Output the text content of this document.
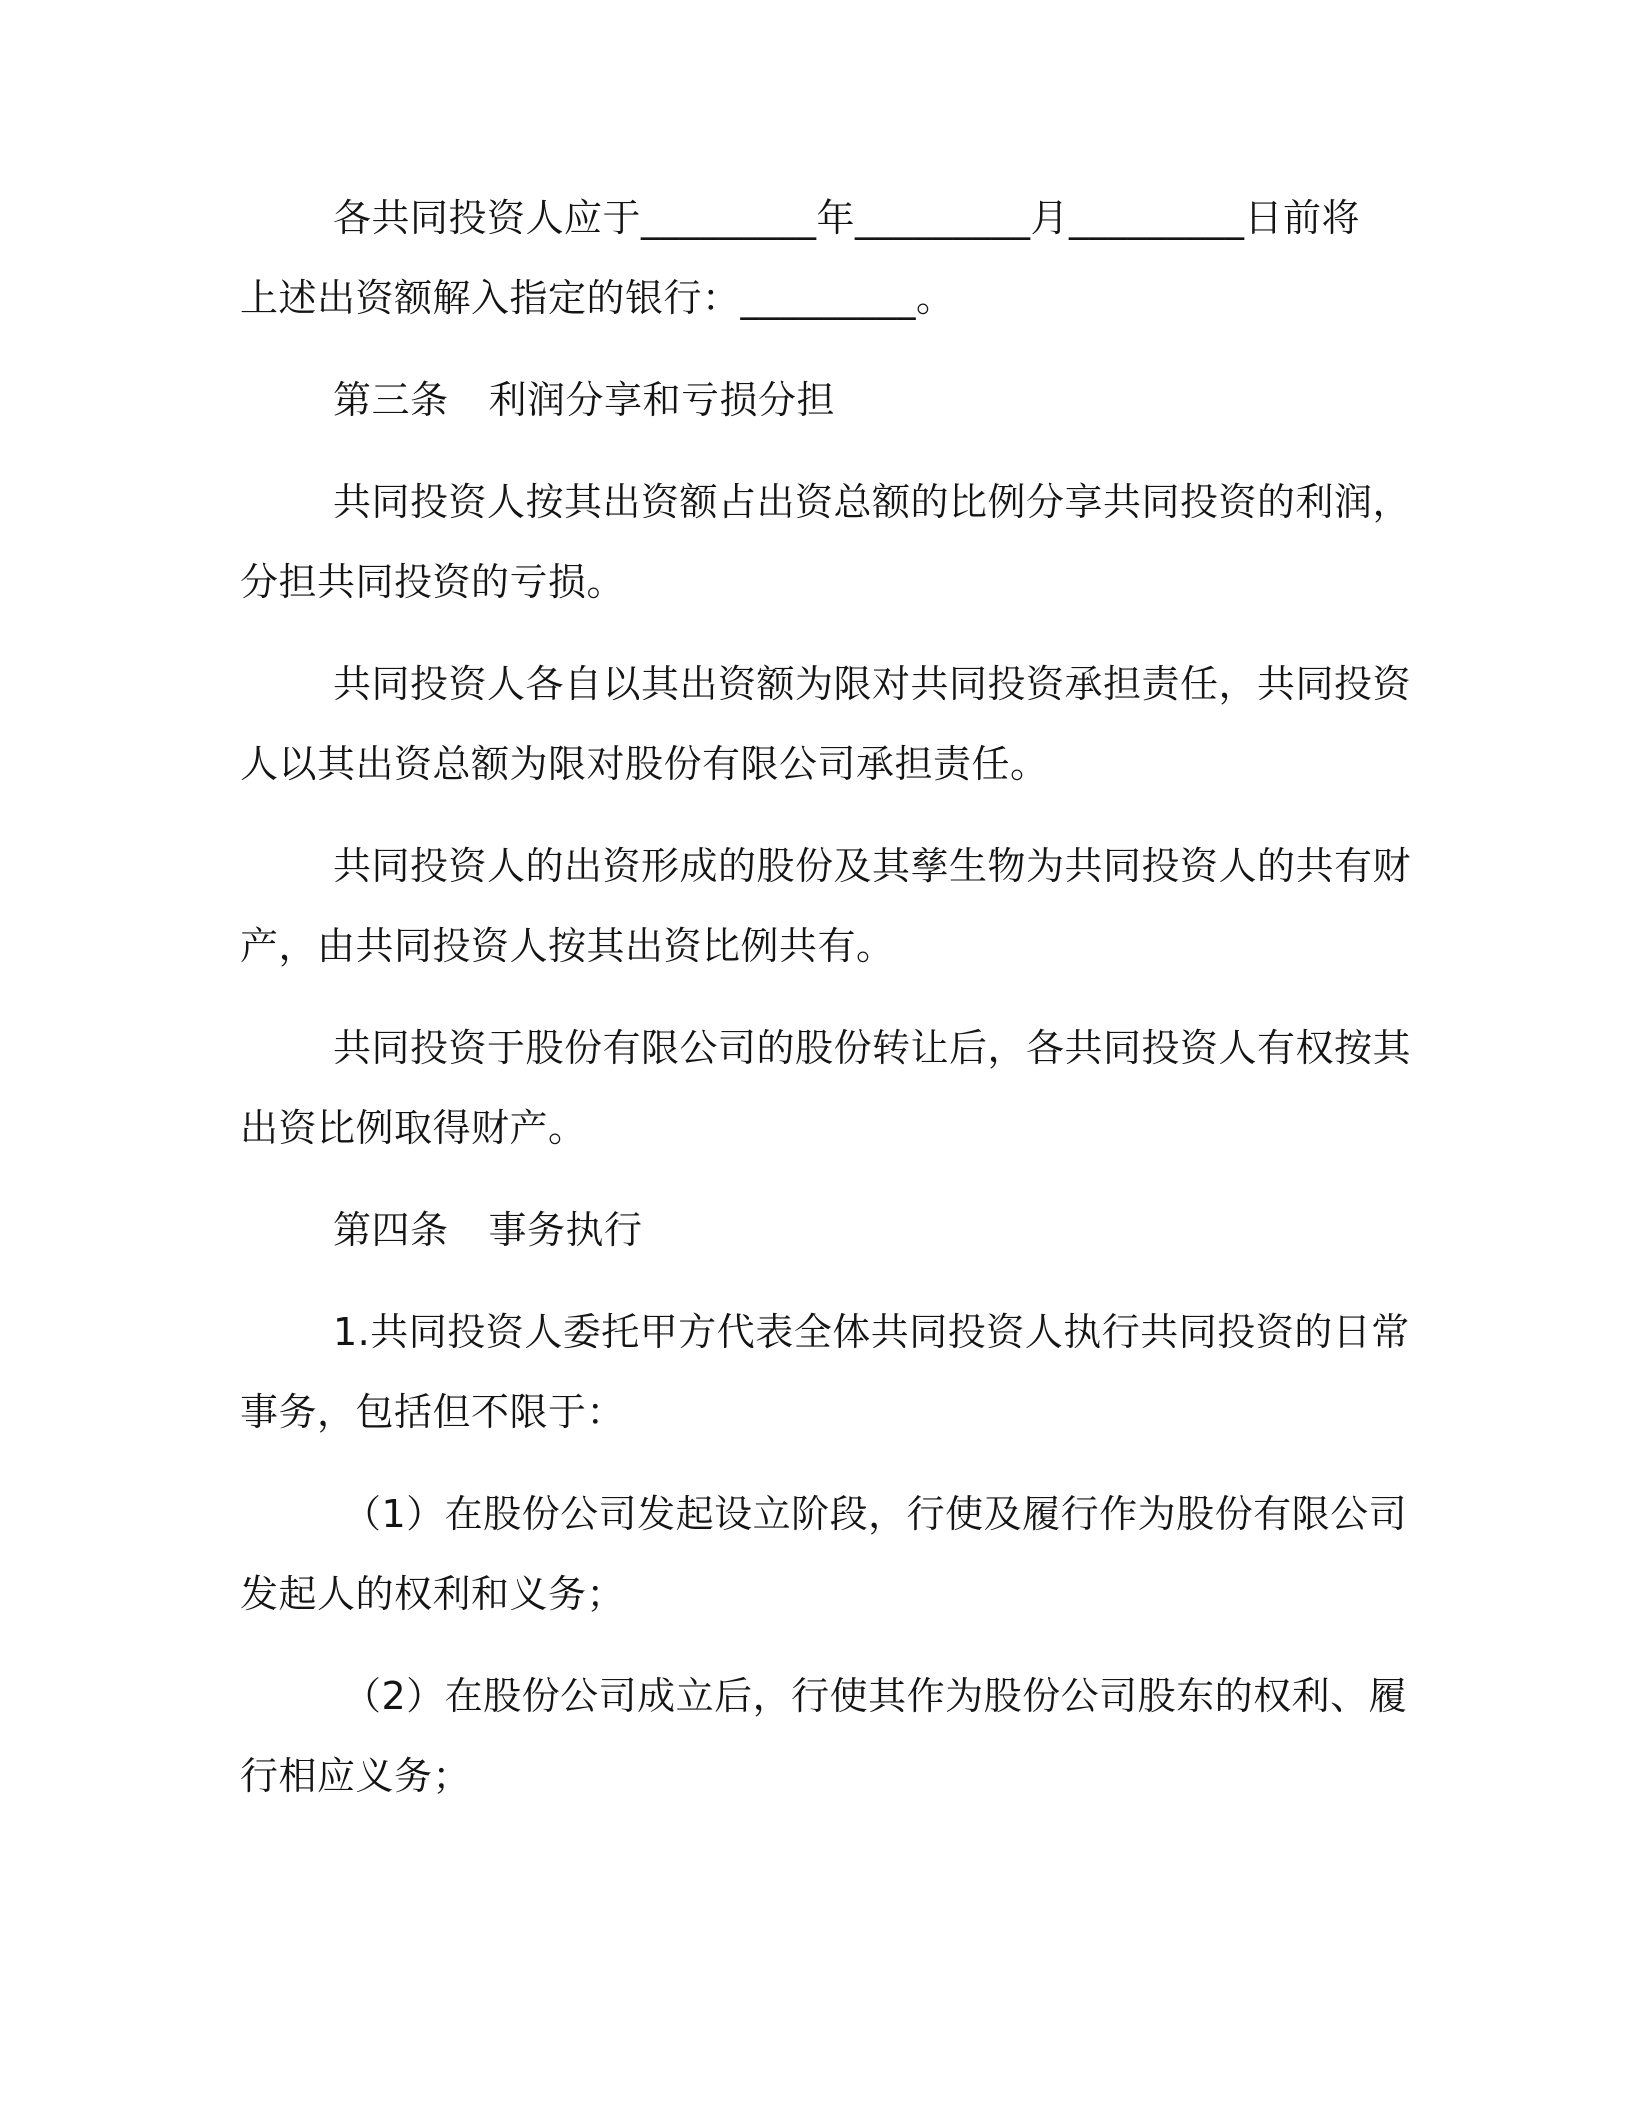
各共同投资人应于_________年_________月_________日前将
上述出资额解入指定的银行：_________。
第三条 利润分享和亏损分担
共同投资人按其出资额占出资总额的比例分享共同投资的利润，
分担共同投资的亏损。
共同投资人各自以其出资额为限对共同投资承担责任，共同投资
人以其出资总额为限对股份有限公司承担责任。
共同投资人的出资形成的股份及其孳生物为共同投资人的共有财
产，由共同投资人按其出资比例共有。
共同投资于股份有限公司的股份转让后，各共同投资人有权按其
出资比例取得财产。
第四条 事务执行
1.共同投资人委托甲方代表全体共同投资人执行共同投资的日常
事务，包括但不限于：
（1）在股份公司发起设立阶段，行使及履行作为股份有限公司
发起人的权利和义务；
（2）在股份公司成立后，行使其作为股份公司股东的权利、履
行相应义务；
